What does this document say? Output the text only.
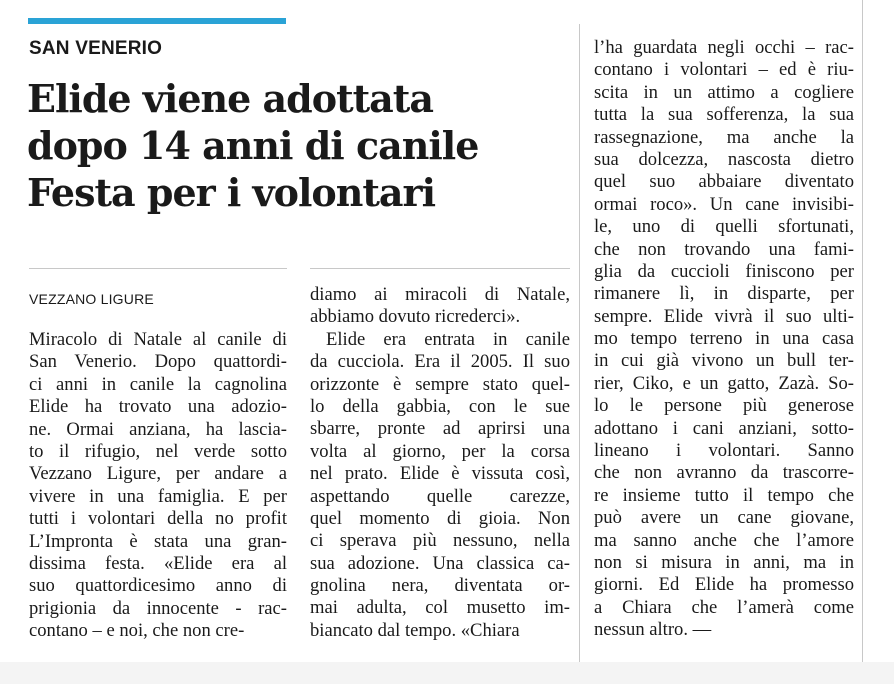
SAN VENERIO
Elide viene adottata
dopo 14 anni di canile
Festa per i volontari
VEZZANO LIGURE
Miracolo di Natale al canile di
San Venerio. Dopo quattordi-
ci anni in canile la cagnolina
Elide ha trovato una adozio-
ne. Ormai anziana, ha lascia-
to il rifugio, nel verde sotto
Vezzano Ligure, per andare a
vivere in una famiglia. E per
tutti i volontari della no profit
L’Impronta è stata una gran-
dissima festa. «Elide era al
suo quattordicesimo anno di
prigionia da innocente - rac-
contano – e noi, che non cre-
diamo ai miracoli di Natale,
abbiamo dovuto ricrederci».
Elide era entrata in canile
da cucciola. Era il 2005. Il suo
orizzonte è sempre stato quel-
lo della gabbia, con le sue
sbarre, pronte ad aprirsi una
volta al giorno, per la corsa
nel prato. Elide è vissuta così,
aspettando quelle carezze,
quel momento di gioia. Non
ci sperava più nessuno, nella
sua adozione. Una classica ca-
gnolina nera, diventata or-
mai adulta, col musetto im-
biancato dal tempo. «Chiara
l’ha guardata negli occhi – rac-
contano i volontari – ed è riu-
scita in un attimo a cogliere
tutta la sua sofferenza, la sua
rassegnazione, ma anche la
sua dolcezza, nascosta dietro
quel suo abbaiare diventato
ormai roco». Un cane invisibi-
le, uno di quelli sfortunati,
che non trovando una fami-
glia da cuccioli finiscono per
rimanere lì, in disparte, per
sempre. Elide vivrà il suo ulti-
mo tempo terreno in una casa
in cui già vivono un bull ter-
rier, Ciko, e un gatto, Zazà. So-
lo le persone più generose
adottano i cani anziani, sotto-
lineano i volontari. Sanno
che non avranno da trascorre-
re insieme tutto il tempo che
può avere un cane giovane,
ma sanno anche che l’amore
non si misura in anni, ma in
giorni. Ed Elide ha promesso
a Chiara che l’amerà come
nessun altro. —
